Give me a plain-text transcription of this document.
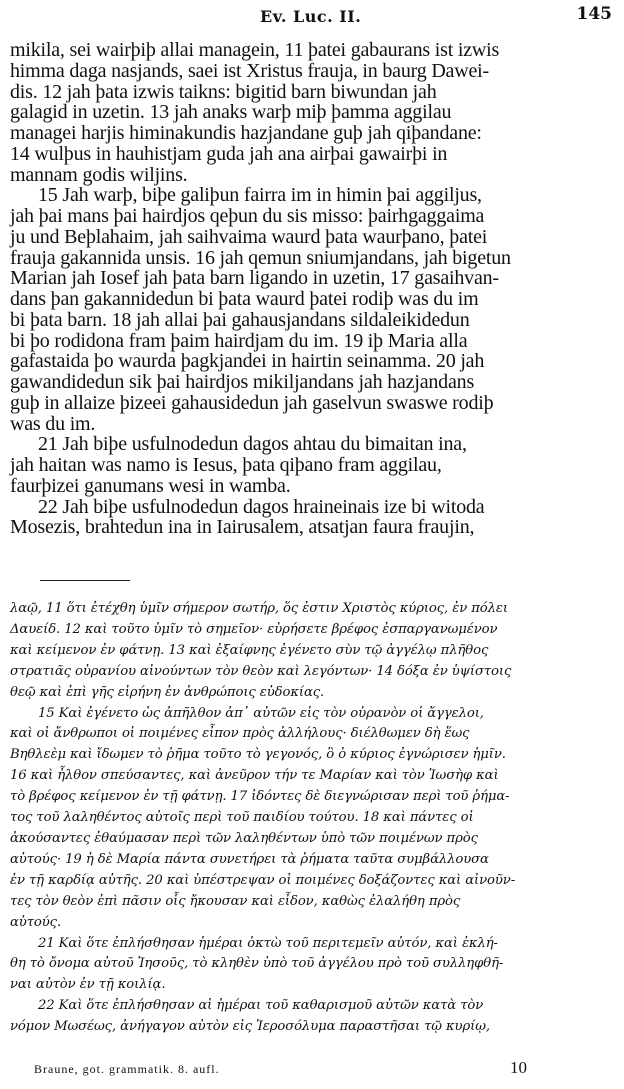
Ev. Luc. II.	145

mikila, sei wairþiþ allai managein, 11 þatei gabaurans ist izwis
himma daga nasjands, saei ist Xristus frauja, in baurg Dawei-
dis. 12 jah þata izwis taikns: bigitid barn biwundan jah
galagid in uzetin. 13 jah anaks warþ miþ þamma aggilau
managei harjis himinakundis hazjandane guþ jah qiþandane:
14 wulþus in hauhistjam guda jah ana airþai gawairþi in
mannam godis wiljins.

15 Jah warþ, biþe galiþun fairra im in himin þai aggiljus,
jah þai mans þai hairdjos qeþun du sis misso: þairhgaggaima
ju und Beþlahaim, jah saihvaima waurd þata waurþano, þatei
frauja gakannida unsis. 16 jah qemun sniumjandans, jah bigetun
Marian jah Iosef jah þata barn ligando in uzetin, 17 gasaihvan-
dans þan gakannidedun bi þata waurd þatei rodiþ was du im
bi þata barn. 18 jah allai þai gahausjandans sildaleikidedun
bi þo rodidona fram þaim hairdjam du im. 19 iþ Maria alla
gafastaida þo waurda þagkjandei in hairtin seinamma. 20 jah
gawandidedun sik þai hairdjos mikiljandans jah hazjandans
guþ in allaize þizeei gahausidedun jah gaselvun swaswe rodiþ
was du im.

21 Jah biþe usfulnodedun dagos ahtau du bimaitan ina,
jah haitan was namo is Iesus, þata qiþano fram aggilau,
faurþizei ganumans wesi in wamba.

22 Jah biþe usfulnodedun dagos hraineinais ize bi witoda
Mosezis, brahtedun ina in Iairusalem, atsatjan faura fraujin,

λαῷ, 11 ὅτι ἐτέχθη ὑμῖν σήμερον σωτήρ, ὅς ἐστιν Χριστὸς κύριος, ἐν πόλει
Δαυείδ. 12 καὶ τοῦτο ὑμῖν τὸ σημεῖον· εὑρήσετε βρέφος ἐσπαργανωμένον
καὶ κείμενον ἐν φάτνῃ. 13 καὶ ἐξαίφνης ἐγένετο σὺν τῷ ἀγγέλῳ πλῆθος
στρατιᾶς οὐρανίου αἰνούντων τὸν θεὸν καὶ λεγόντων· 14 δόξα ἐν ὑψίστοις
θεῷ καὶ ἐπὶ γῆς εἰρήνη ἐν ἀνθρώποις εὐδοκίας.

15 Καὶ ἐγένετο ὡς ἀπῆλθον ἀπ᾽ αὐτῶν εἰς τὸν οὐρανὸν οἱ ἄγγελοι,
καὶ οἱ ἄνθρωποι οἱ ποιμένες εἶπον πρὸς ἀλλήλους· διέλθωμεν δὴ ἕως
Βηθλεὲμ καὶ ἴδωμεν τὸ ῥῆμα τοῦτο τὸ γεγονός, ὃ ὁ κύριος ἐγνώρισεν ἡμῖν.
16 καὶ ἦλθον σπεύσαντες, καὶ ἀνεῦρον τήν τε Μαρίαν καὶ τὸν Ἰωσὴφ καὶ
τὸ βρέφος κείμενον ἐν τῇ φάτνῃ. 17 ἰδόντες δὲ διεγνώρισαν περὶ τοῦ ῥήμα-
τος τοῦ λαληθέντος αὐτοῖς περὶ τοῦ παιδίου τούτου. 18 καὶ πάντες οἱ
ἀκούσαντες ἐθαύμασαν περὶ τῶν λαληθέντων ὑπὸ τῶν ποιμένων πρὸς
αὐτούς· 19 ἡ δὲ Μαρία πάντα συνετήρει τὰ ῥήματα ταῦτα συμβάλλουσα
ἐν τῇ καρδίᾳ αὐτῆς. 20 καὶ ὑπέστρεψαν οἱ ποιμένες δοξάζοντες καὶ αἰνοῦν-
τες τὸν θεὸν ἐπὶ πᾶσιν οἷς ἤκουσαν καὶ εἶδον, καθὼς ἐλαλήθη πρὸς
αὐτούς.

21 Καὶ ὅτε ἐπλήσθησαν ἡμέραι ὀκτὼ τοῦ περιτεμεῖν αὐτόν, καὶ ἐκλή-
θη τὸ ὄνομα αὐτοῦ Ἰησοῦς, τὸ κληθὲν ὑπὸ τοῦ ἀγγέλου πρὸ τοῦ συλληφθῆ-
ναι αὐτὸν ἐν τῇ κοιλίᾳ.

22 Καὶ ὅτε ἐπλήσθησαν αἱ ἡμέραι τοῦ καθαρισμοῦ αὐτῶν κατὰ τὸν
νόμον Μωσέως, ἀνήγαγον αὐτὸν εἰς Ἱεροσόλυμα παραστῆσαι τῷ κυρίῳ,

Braune, got. grammatik. 8. aufl.	10
